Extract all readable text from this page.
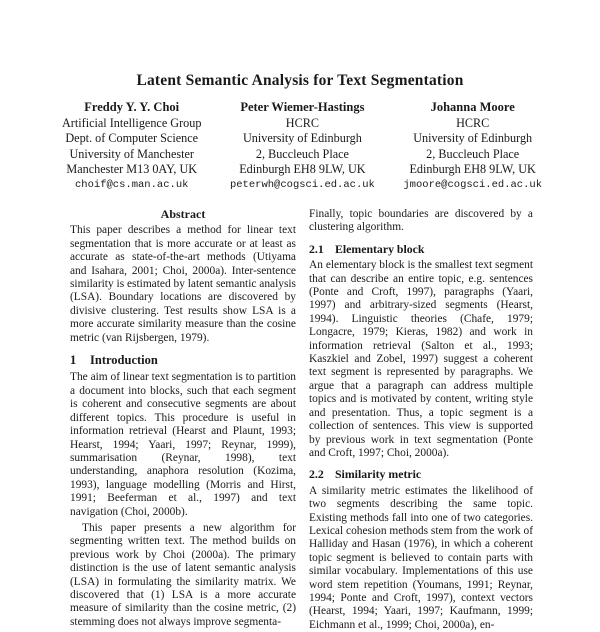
Latent Semantic Analysis for Text Segmentation
Freddy Y. Y. Choi
Artificial Intelligence Group
Dept. of Computer Science
University of Manchester
Manchester M13 0AY, UK
choif@cs.man.ac.uk
Peter Wiemer-Hastings
HCRC
University of Edinburgh
2, Buccleuch Place
Edinburgh EH8 9LW, UK
peterwh@cogsci.ed.ac.uk
Johanna Moore
HCRC
University of Edinburgh
2, Buccleuch Place
Edinburgh EH8 9LW, UK
jmoore@cogsci.ed.ac.uk
Abstract

This paper describes a method for linear text segmentation that is more accurate or at least as accurate as state-of-the-art methods (Utiyama and Isahara, 2001; Choi, 2000a). Inter-sentence similarity is estimated by latent semantic analysis (LSA). Boundary locations are discovered by divisive clustering. Test results show LSA is a more accurate similarity measure than the cosine metric (van Rijsbergen, 1979).

1 Introduction

The aim of linear text segmentation is to partition a document into blocks, such that each segment is coherent and consecutive segments are about different topics. This procedure is useful in information retrieval (Hearst and Plaunt, 1993; Hearst, 1994; Yaari, 1997; Reynar, 1999), summarisation (Reynar, 1998), text understanding, anaphora resolution (Kozima, 1993), language modelling (Morris and Hirst, 1991; Beeferman et al., 1997) and text navigation (Choi, 2000b).

This paper presents a new algorithm for segmenting written text. The method builds on previous work by Choi (2000a). The primary distinction is the use of latent semantic analysis (LSA) in formulating the similarity matrix. We discovered that (1) LSA is a more accurate measure of similarity than the cosine metric, (2) stemming does not always improve segmenta-

Finally, topic boundaries are discovered by a clustering algorithm.

2.1 Elementary block

An elementary block is the smallest text segment that can describe an entire topic, e.g. sentences (Ponte and Croft, 1997), paragraphs (Yaari, 1997) and arbitrary-sized segments (Hearst, 1994). Linguistic theories (Chafe, 1979; Longacre, 1979; Kieras, 1982) and work in information retrieval (Salton et al., 1993; Kaszkiel and Zobel, 1997) suggest a coherent text segment is represented by paragraphs. We argue that a paragraph can address multiple topics and is motivated by content, writing style and presentation. Thus, a topic segment is a collection of sentences. This view is supported by previous work in text segmentation (Ponte and Croft, 1997; Choi, 2000a).

2.2 Similarity metric

A similarity metric estimates the likelihood of two segments describing the same topic. Existing methods fall into one of two categories. Lexical cohesion methods stem from the work of Halliday and Hasan (1976), in which a coherent topic segment is believed to contain parts with similar vocabulary. Implementations of this use word stem repetition (Youmans, 1991; Reynar, 1994; Ponte and Croft, 1997), context vectors (Hearst, 1994; Yaari, 1997; Kaufmann, 1999; Eichmann et al., 1999; Choi, 2000a), en-
